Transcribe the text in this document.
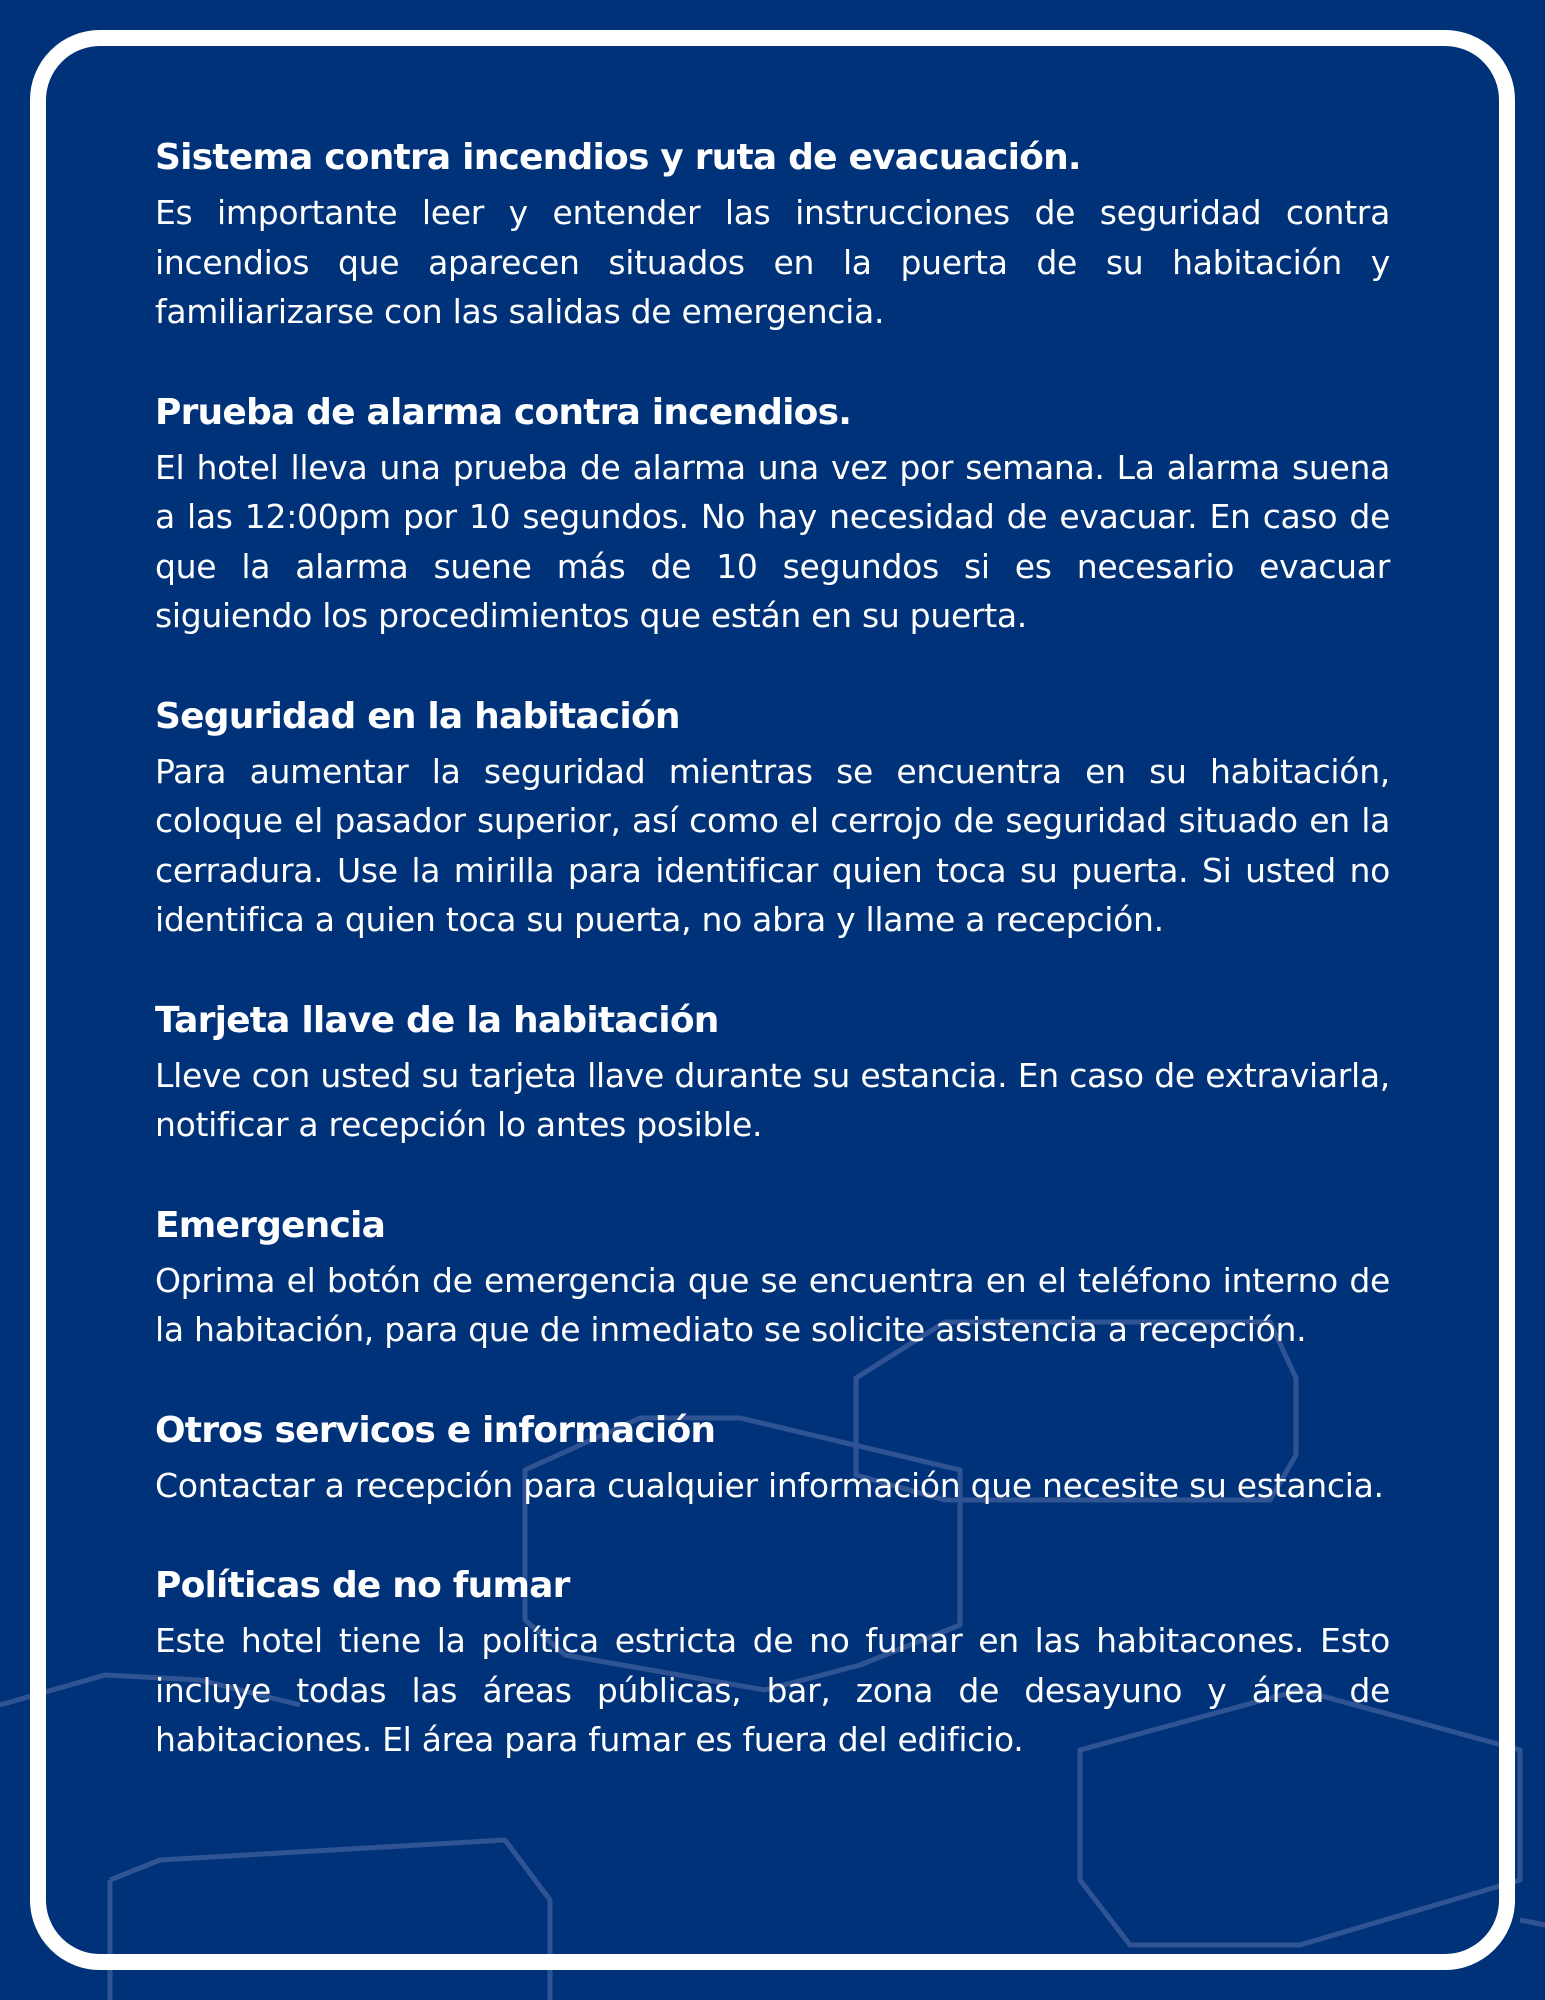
Sistema contra incendios y ruta de evacuación.

Es importante leer y entender las instrucciones de seguridad contra incendios que aparecen situados en la puerta de su habitación y familiarizarse con las salidas de emergencia.

Prueba de alarma contra incendios.

El hotel lleva una prueba de alarma una vez por semana. La alarma suena a las 12:00pm por 10 segundos. No hay necesidad de evacuar. En caso de que la alarma suene más de 10 segundos si es necesario evacuar siguiendo los procedimientos que están en su puerta.

Seguridad en la habitación

Para aumentar la seguridad mientras se encuentra en su habitación, coloque el pasador superior, así como el cerrojo de seguridad situado en la cerradura. Use la mirilla para identificar quien toca su puerta. Si usted no identifica a quien toca su puerta, no abra y llame a recepción.

Tarjeta llave de la habitación

Lleve con usted su tarjeta llave durante su estancia. En caso de extraviarla, notificar a recepción lo antes posible.

Emergencia

Oprima el botón de emergencia que se encuentra en el teléfono interno de la habitación, para que de inmediato se solicite asistencia a recepción.

Otros servicos e información

Contactar a recepción para cualquier información que necesite su estancia.

Políticas de no fumar

Este hotel tiene la política estricta de no fumar en las habitacones. Esto incluye todas las áreas públicas, bar, zona de desayuno y área de habitaciones. El área para fumar es fuera del edificio.
